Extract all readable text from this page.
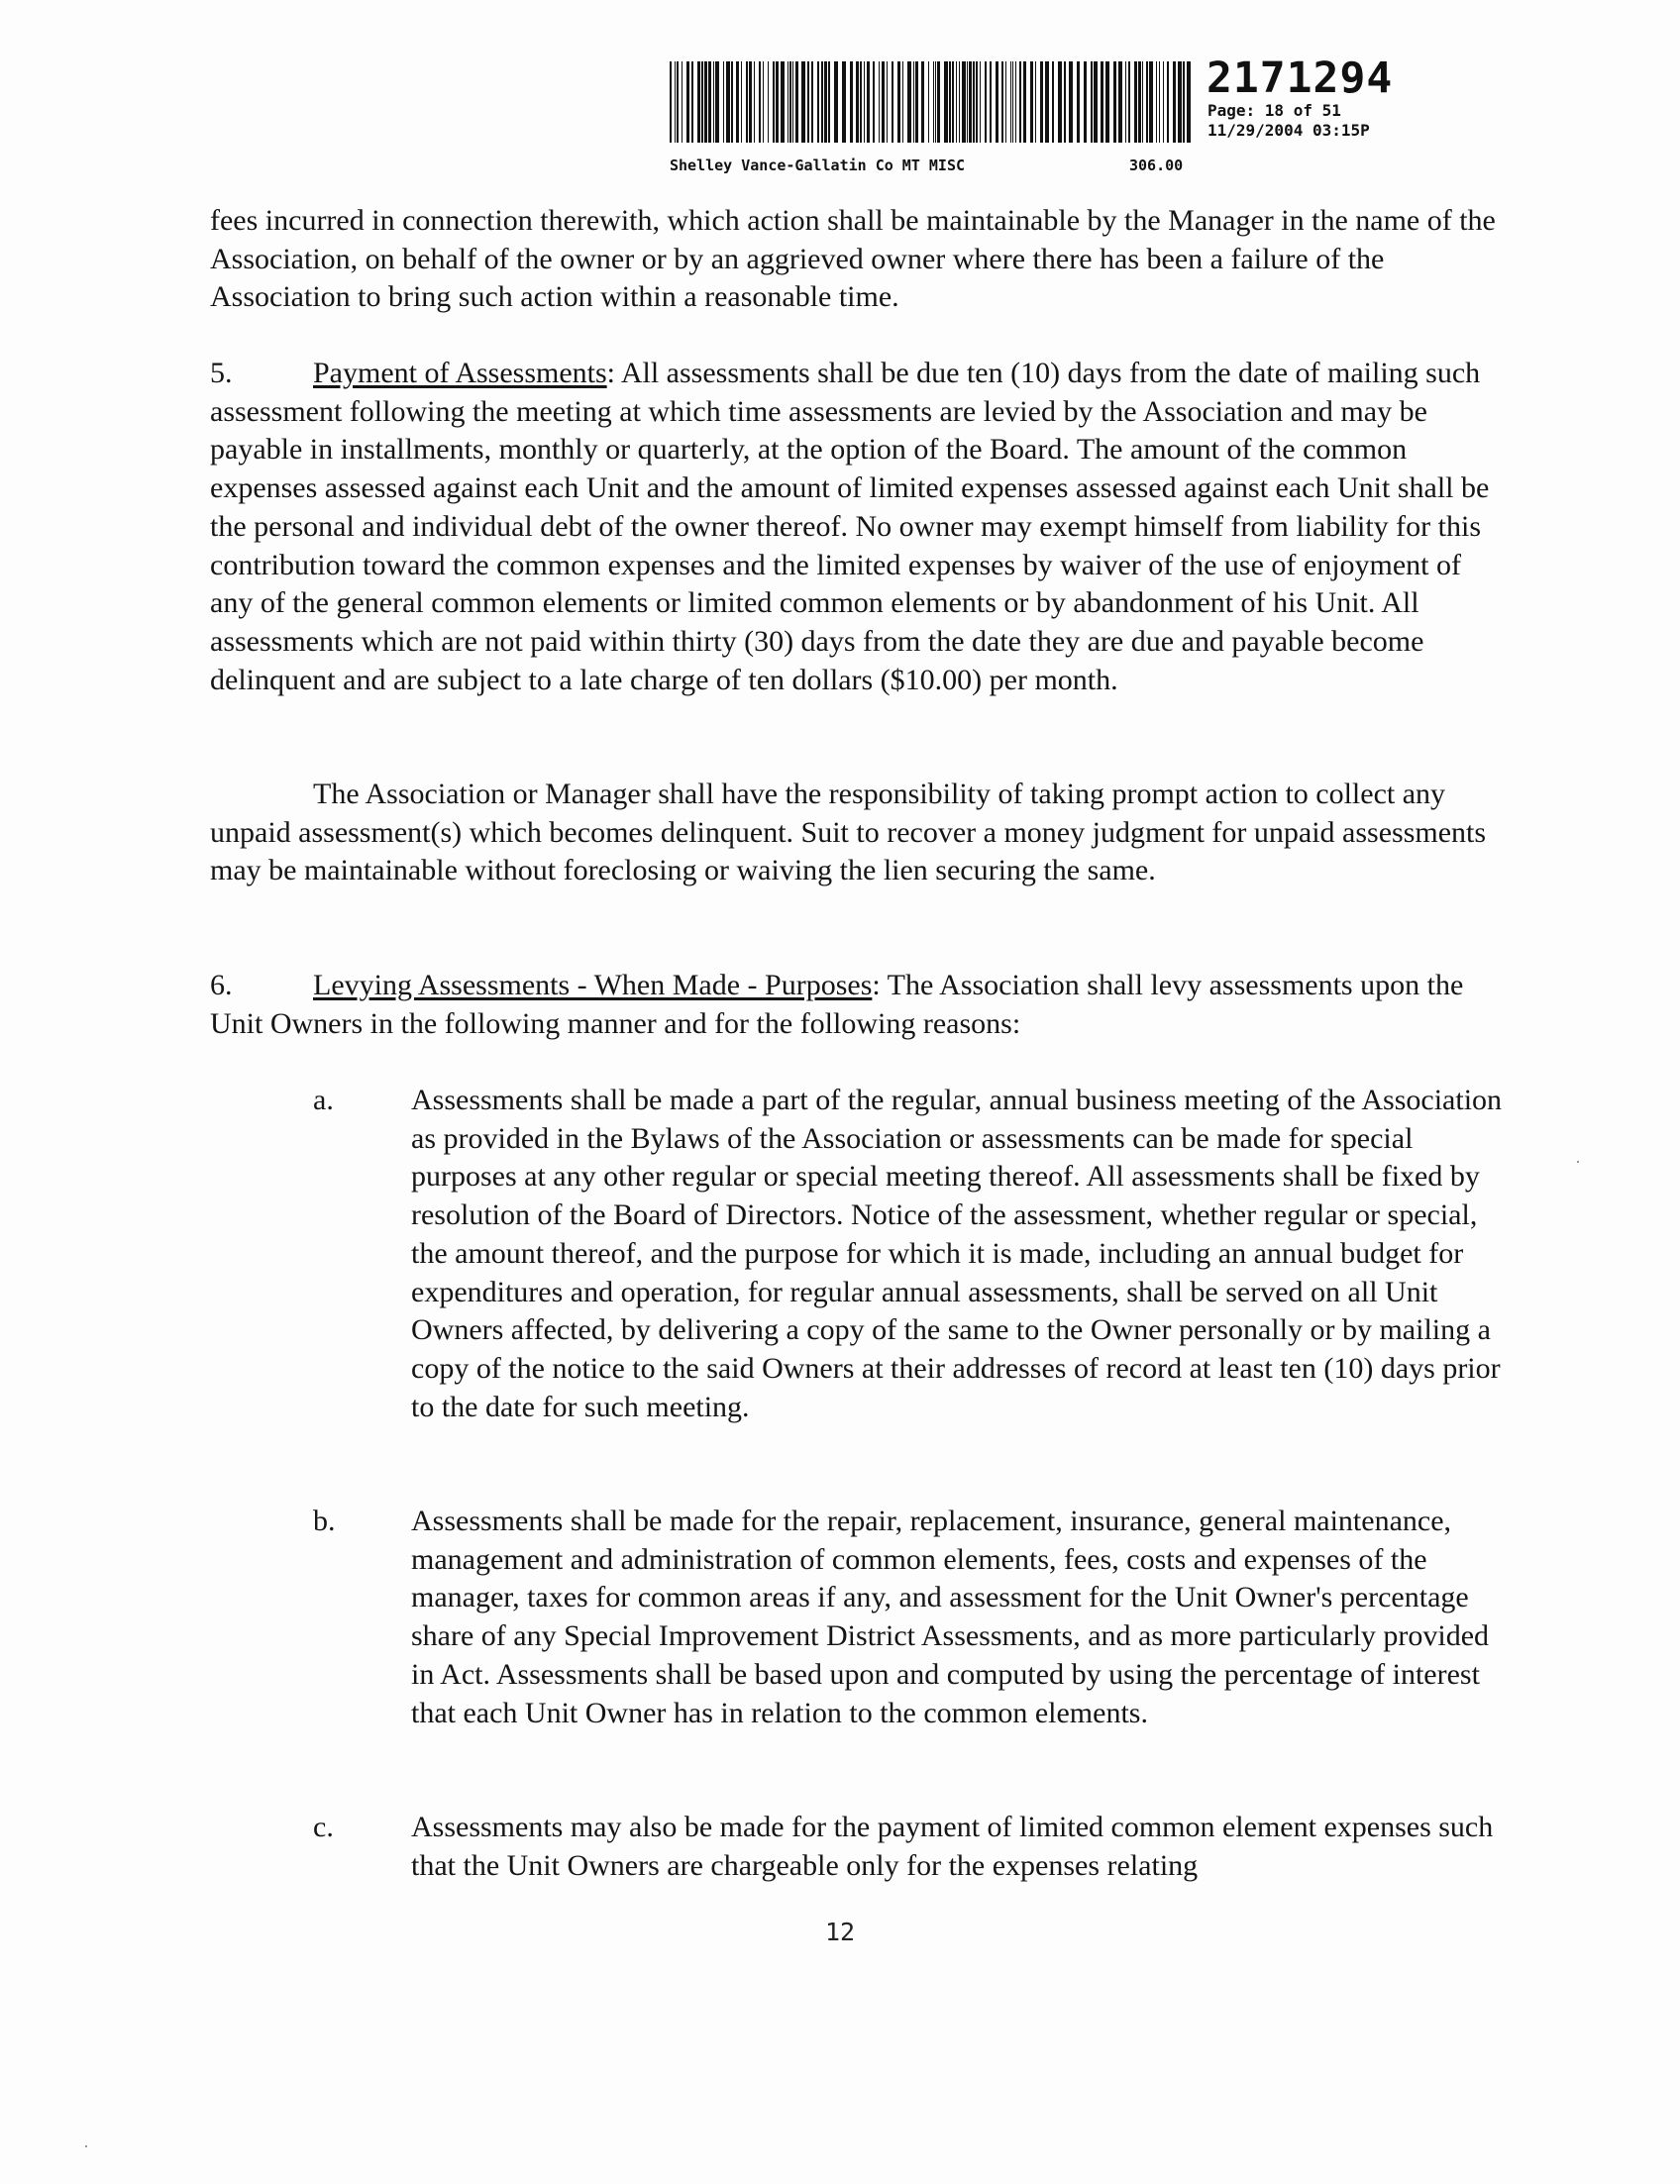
2171294
Page: 18 of 51
11/29/2004 03:15P
Shelley Vance-Gallatin Co MT MISC	306.00

fees incurred in connection therewith, which action shall be maintainable by the Manager in the name of the Association, on behalf of the owner or by an aggrieved owner where there has been a failure of the Association to bring such action within a reasonable time.

5.	Payment of Assessments: All assessments shall be due ten (10) days from the date of mailing such assessment following the meeting at which time assessments are levied by the Association and may be payable in installments, monthly or quarterly, at the option of the Board. The amount of the common expenses assessed against each Unit and the amount of limited expenses assessed against each Unit shall be the personal and individual debt of the owner thereof. No owner may exempt himself from liability for this contribution toward the common expenses and the limited expenses by waiver of the use of enjoyment of any of the general common elements or limited common elements or by abandonment of his Unit. All assessments which are not paid within thirty (30) days from the date they are due and payable become delinquent and are subject to a late charge of ten dollars ($10.00) per month.

The Association or Manager shall have the responsibility of taking prompt action to collect any unpaid assessment(s) which becomes delinquent. Suit to recover a money judgment for unpaid assessments may be maintainable without foreclosing or waiving the lien securing the same.

6.	Levying Assessments - When Made - Purposes: The Association shall levy assessments upon the Unit Owners in the following manner and for the following reasons:

a.	Assessments shall be made a part of the regular, annual business meeting of the Association as provided in the Bylaws of the Association or assessments can be made for special purposes at any other regular or special meeting thereof. All assessments shall be fixed by resolution of the Board of Directors. Notice of the assessment, whether regular or special, the amount thereof, and the purpose for which it is made, including an annual budget for expenditures and operation, for regular annual assessments, shall be served on all Unit Owners affected, by delivering a copy of the same to the Owner personally or by mailing a copy of the notice to the said Owners at their addresses of record at least ten (10) days prior to the date for such meeting.

b.	Assessments shall be made for the repair, replacement, insurance, general maintenance, management and administration of common elements, fees, costs and expenses of the manager, taxes for common areas if any, and assessment for the Unit Owner's percentage share of any Special Improvement District Assessments, and as more particularly provided in Act. Assessments shall be based upon and computed by using the percentage of interest that each Unit Owner has in relation to the common elements.

c.	Assessments may also be made for the payment of limited common element expenses such that the Unit Owners are chargeable only for the expenses relating

12
